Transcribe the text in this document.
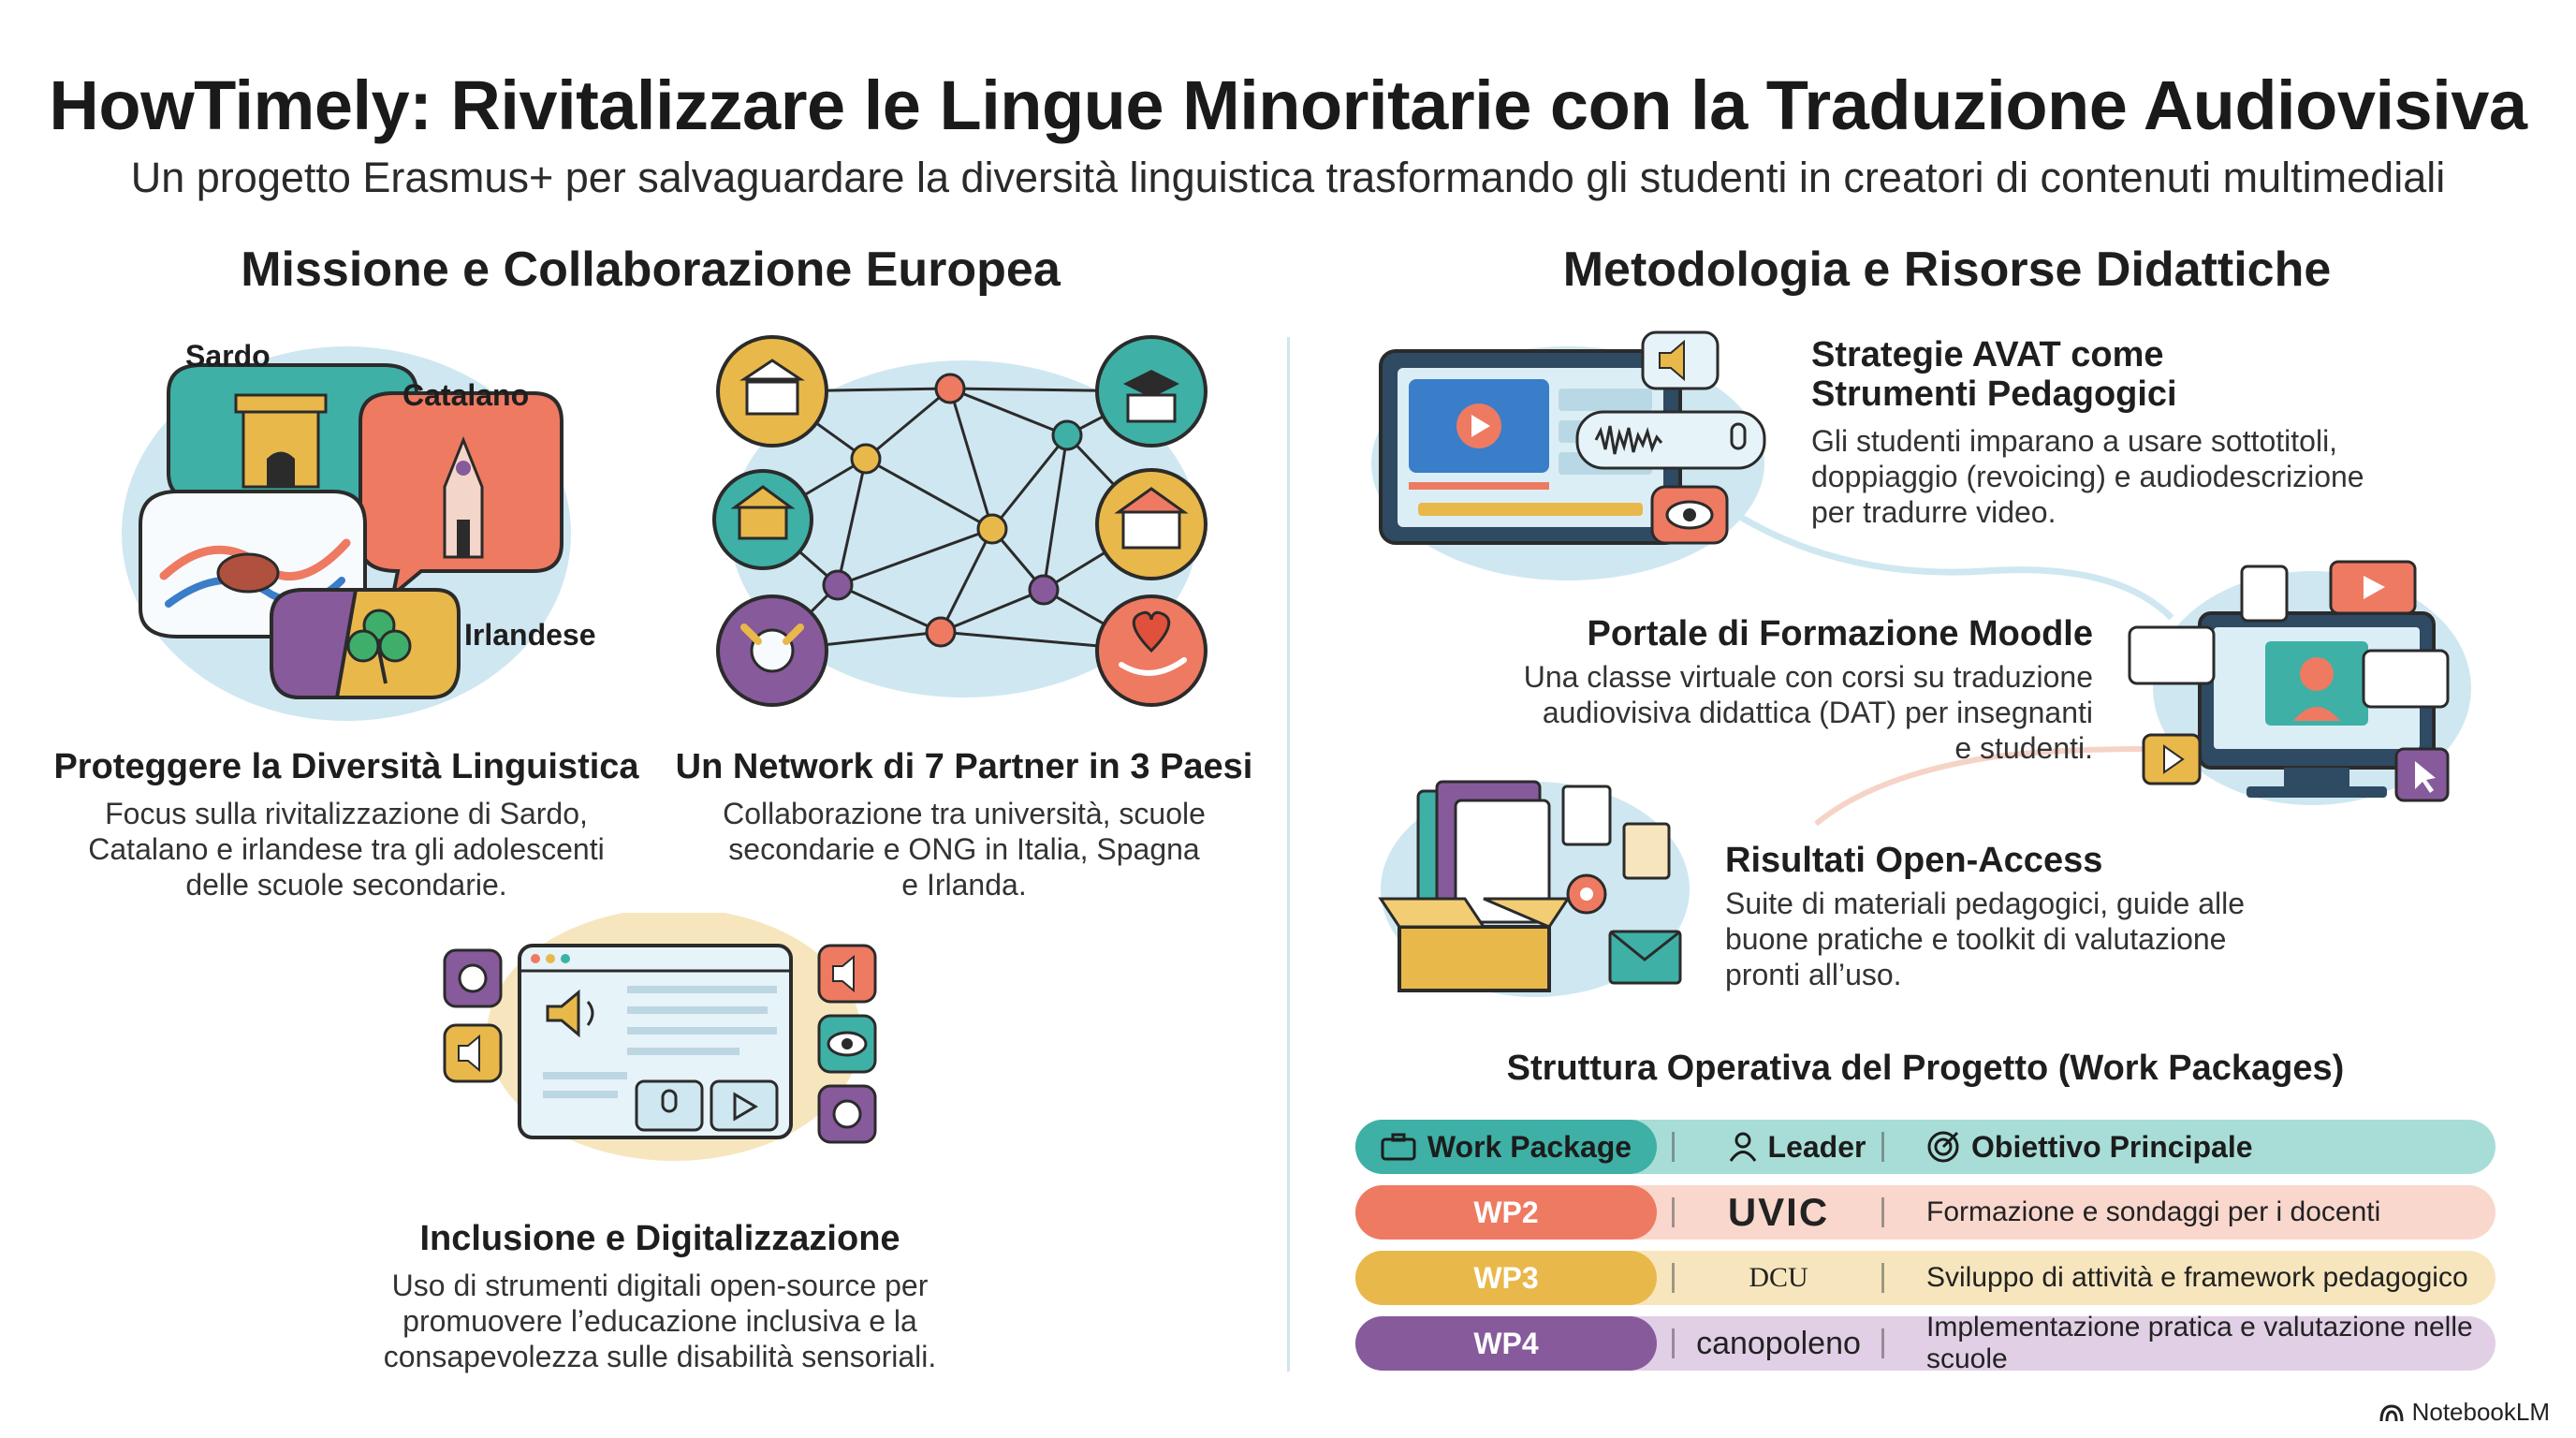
HowTimely: Rivitalizzare le Lingue Minoritarie con la Traduzione Audiovisiva
Un progetto Erasmus+ per salvaguardare la diversità linguistica trasformando gli studenti in creatori di contenuti multimediali
Missione e Collaborazione Europea	Metodologia e Risorse Didattiche
Sardo
Catalano
Irlandese
Proteggere la Diversità Linguistica
Focus sulla rivitalizzazione di Sardo,
Catalano e irlandese tra gli adolescenti
delle scuole secondarie.
Un Network di 7 Partner in 3 Paesi
Collaborazione tra università, scuole
secondarie e ONG in Italia, Spagna
e Irlanda.
Inclusione e Digitalizzazione
Uso di strumenti digitali open-source per
promuovere l’educazione inclusiva e la
consapevolezza sulle disabilità sensoriali.
Strategie AVAT come
Strumenti Pedagogici
Gli studenti imparano a usare sottotitoli,
doppiaggio (revoicing) e audiodescrizione
per tradurre video.
Portale di Formazione Moodle
Una classe virtuale con corsi su traduzione
audiovisiva didattica (DAT) per insegnanti
e studenti.
Risultati Open-Access
Suite di materiali pedagogici, guide alle
buone pratiche e toolkit di valutazione
pronti all’uso.
Struttura Operativa del Progetto (Work Packages)
Work Package	Leader	Obiettivo Principale
WP2	UVIC	Formazione e sondaggi per i docenti
WP3	DCU	Sviluppo di attività e framework pedagogico
WP4	canopoleno	Implementazione pratica e valutazione nelle scuole
NotebookLM
